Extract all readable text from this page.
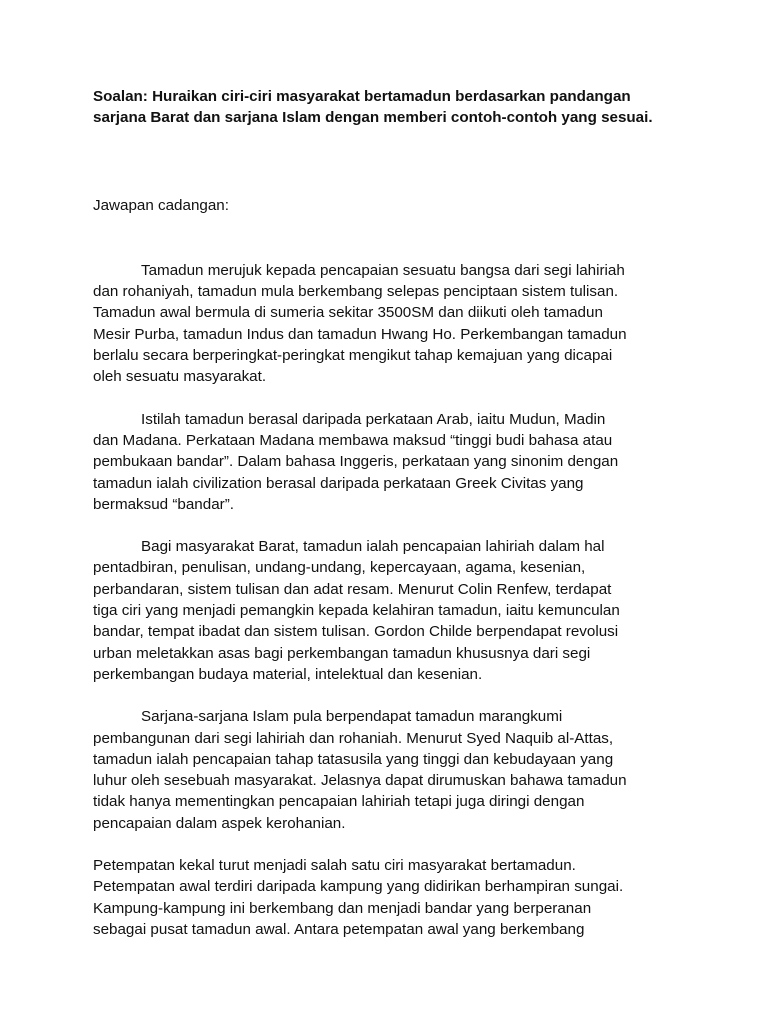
Soalan: Huraikan ciri-ciri masyarakat bertamadun berdasarkan pandangan
sarjana Barat dan sarjana Islam dengan memberi contoh-contoh yang sesuai.

Jawapan cadangan:

Tamadun merujuk kepada pencapaian sesuatu bangsa dari segi lahiriah
dan rohaniyah, tamadun mula berkembang selepas penciptaan sistem tulisan.
Tamadun awal bermula di sumeria sekitar 3500SM dan diikuti oleh tamadun
Mesir Purba, tamadun Indus dan tamadun Hwang Ho. Perkembangan tamadun
berlalu secara berperingkat-peringkat mengikut tahap kemajuan yang dicapai
oleh sesuatu masyarakat.

Istilah tamadun berasal daripada perkataan Arab, iaitu Mudun, Madin
dan Madana. Perkataan Madana membawa maksud “tinggi budi bahasa atau
pembukaan bandar”. Dalam bahasa Inggeris, perkataan yang sinonim dengan
tamadun ialah civilization berasal daripada perkataan Greek Civitas yang
bermaksud “bandar”.

Bagi masyarakat Barat, tamadun ialah pencapaian lahiriah dalam hal
pentadbiran, penulisan, undang-undang, kepercayaan, agama, kesenian,
perbandaran, sistem tulisan dan adat resam. Menurut Colin Renfew, terdapat
tiga ciri yang menjadi pemangkin kepada kelahiran tamadun, iaitu kemunculan
bandar, tempat ibadat dan sistem tulisan. Gordon Childe berpendapat revolusi
urban meletakkan asas bagi perkembangan tamadun khususnya dari segi
perkembangan budaya material, intelektual dan kesenian.

Sarjana-sarjana Islam pula berpendapat tamadun marangkumi
pembangunan dari segi lahiriah dan rohaniah. Menurut Syed Naquib al-Attas,
tamadun ialah pencapaian tahap tatasusila yang tinggi dan kebudayaan yang
luhur oleh sesebuah masyarakat. Jelasnya dapat dirumuskan bahawa tamadun
tidak hanya mementingkan pencapaian lahiriah tetapi juga diringi dengan
pencapaian dalam aspek kerohanian.

Petempatan kekal turut menjadi salah satu ciri masyarakat bertamadun.
Petempatan awal terdiri daripada kampung yang didirikan berhampiran sungai.
Kampung-kampung ini berkembang dan menjadi bandar yang berperanan
sebagai pusat tamadun awal. Antara petempatan awal yang berkembang
